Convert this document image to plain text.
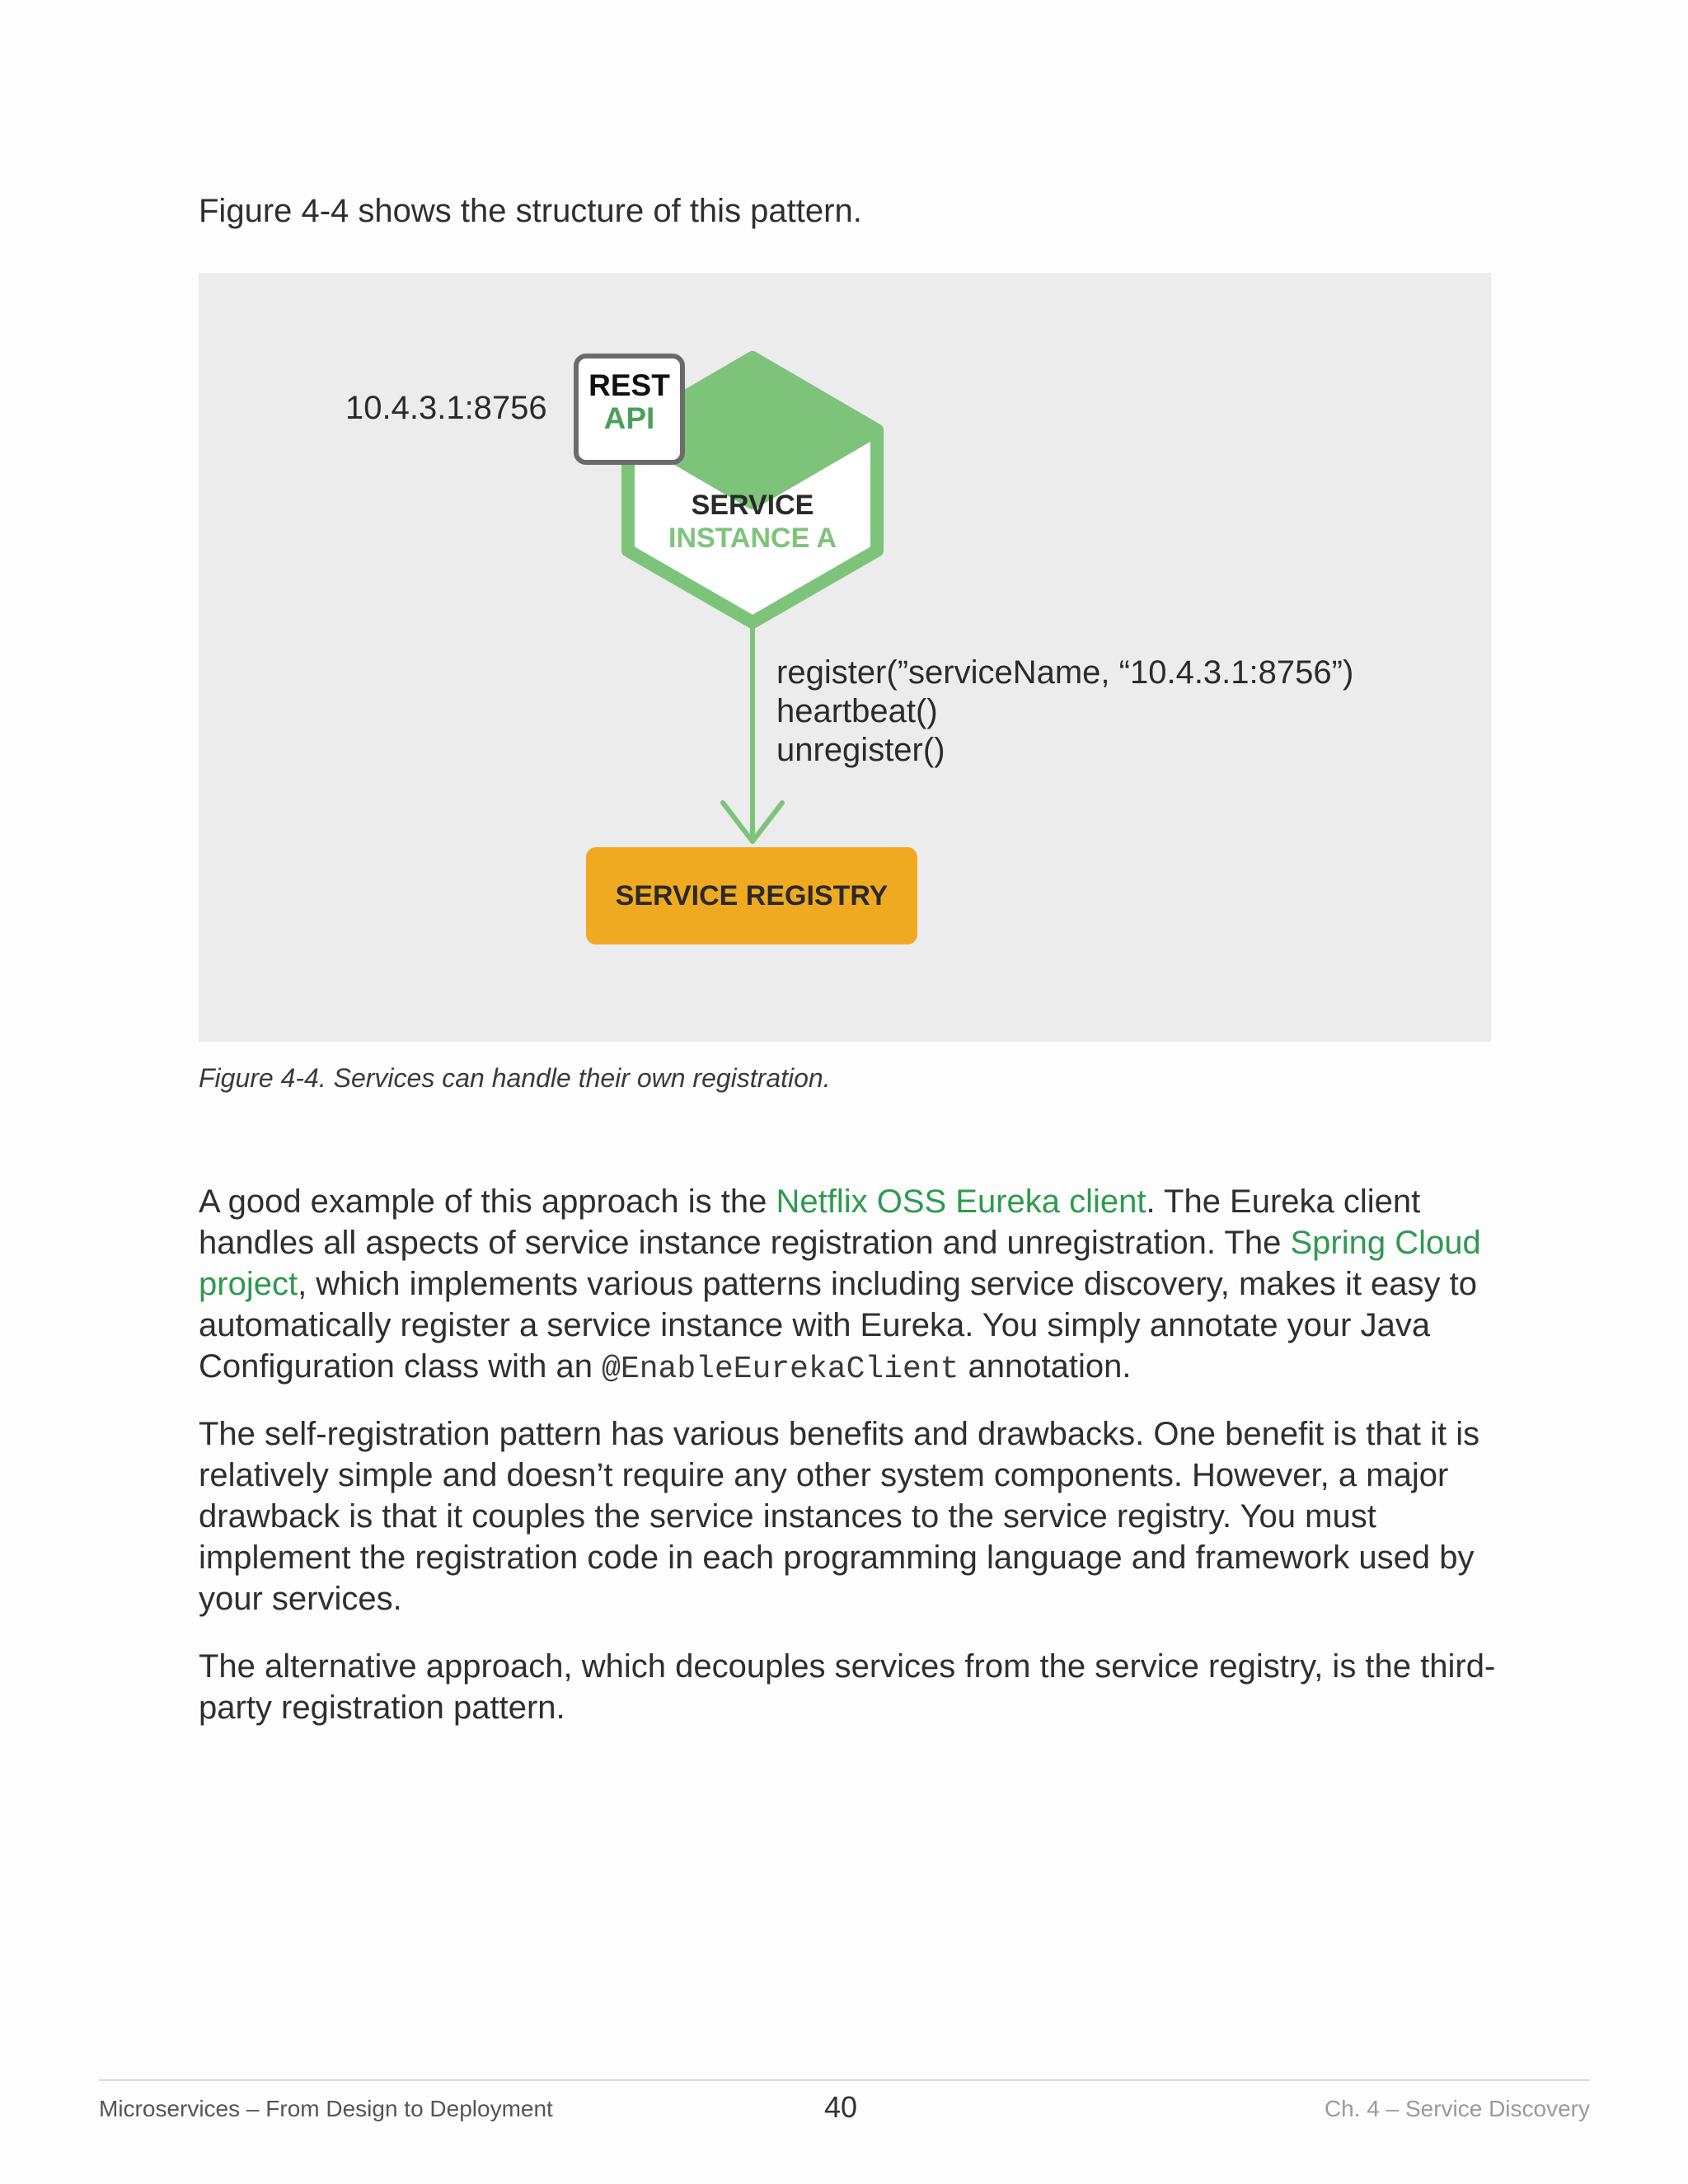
Figure 4-4 shows the structure of this pattern.

10.4.3.1:8756
REST
API
SERVICE
INSTANCE A
register(”serviceName, “10.4.3.1:8756”)
heartbeat()
unregister()
SERVICE REGISTRY

Figure 4-4. Services can handle their own registration.

A good example of this approach is the Netflix OSS Eureka client. The Eureka client handles all aspects of service instance registration and unregistration. The Spring Cloud project, which implements various patterns including service discovery, makes it easy to automatically register a service instance with Eureka. You simply annotate your Java Configuration class with an @EnableEurekaClient annotation.

The self-registration pattern has various benefits and drawbacks. One benefit is that it is relatively simple and doesn’t require any other system components. However, a major drawback is that it couples the service instances to the service registry. You must implement the registration code in each programming language and framework used by your services.

The alternative approach, which decouples services from the service registry, is the third-party registration pattern.

Microservices – From Design to Deployment	40	Ch. 4 – Service Discovery
